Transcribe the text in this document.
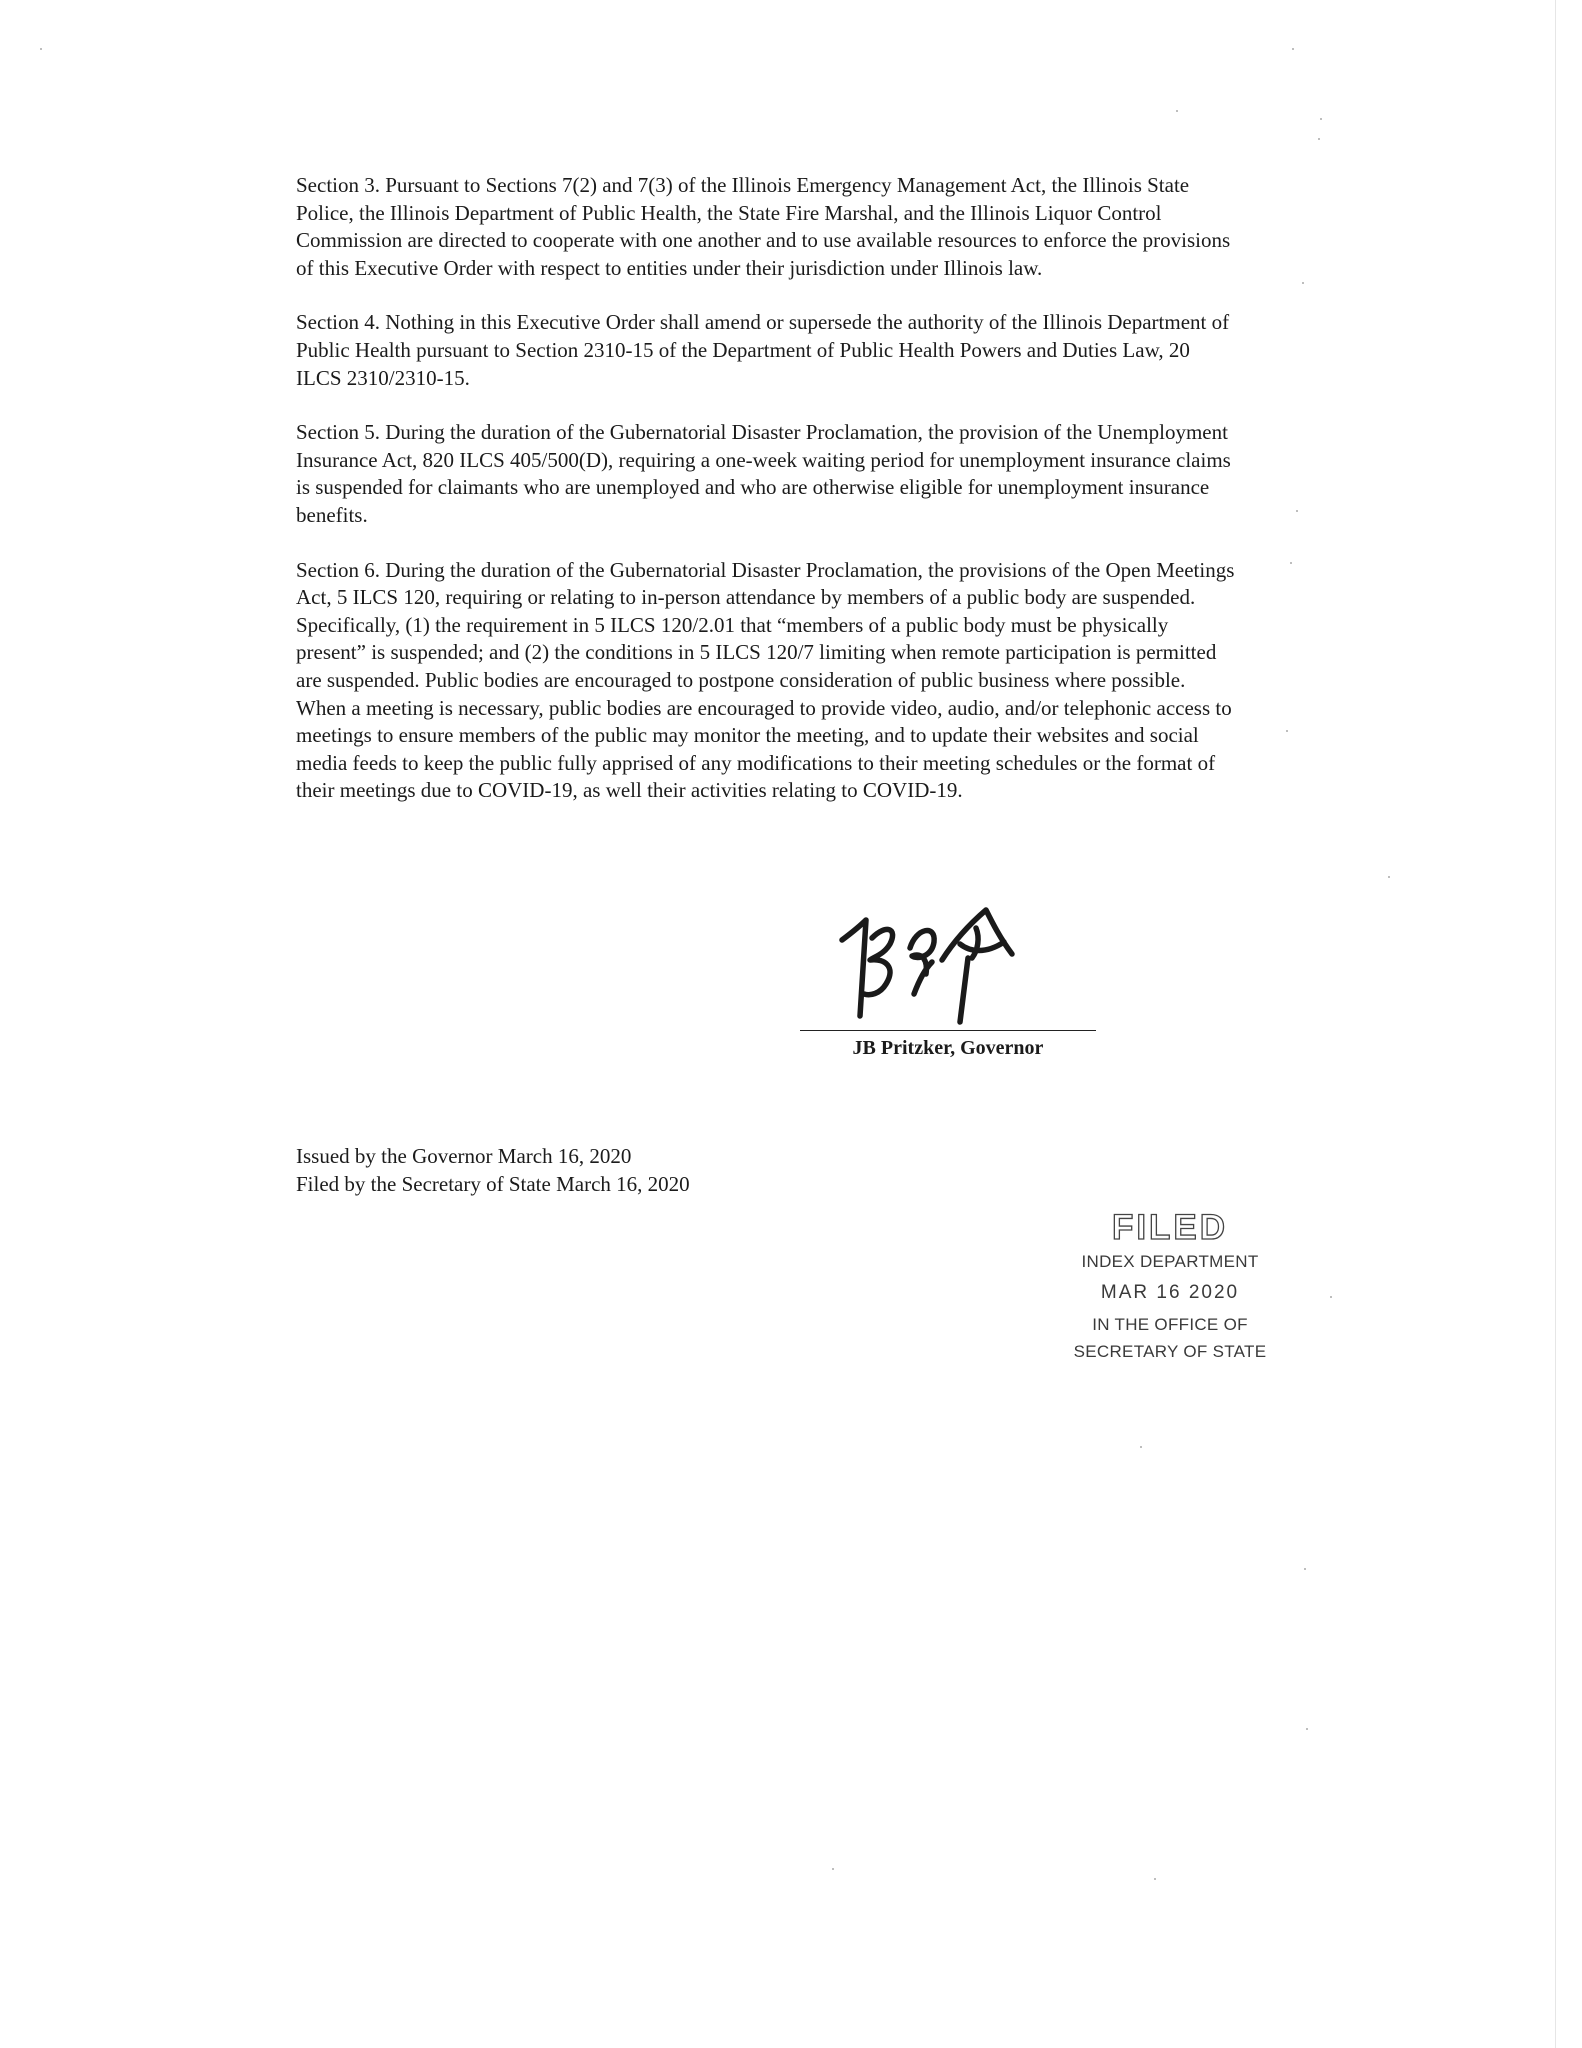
Section 3. Pursuant to Sections 7(2) and 7(3) of the Illinois Emergency Management Act, the Illinois State Police, the Illinois Department of Public Health, the State Fire Marshal, and the Illinois Liquor Control Commission are directed to cooperate with one another and to use available resources to enforce the provisions of this Executive Order with respect to entities under their jurisdiction under Illinois law.

Section 4. Nothing in this Executive Order shall amend or supersede the authority of the Illinois Department of Public Health pursuant to Section 2310-15 of the Department of Public Health Powers and Duties Law, 20 ILCS 2310/2310-15.

Section 5. During the duration of the Gubernatorial Disaster Proclamation, the provision of the Unemployment Insurance Act, 820 ILCS 405/500(D), requiring a one-week waiting period for unemployment insurance claims is suspended for claimants who are unemployed and who are otherwise eligible for unemployment insurance benefits.

Section 6. During the duration of the Gubernatorial Disaster Proclamation, the provisions of the Open Meetings Act, 5 ILCS 120, requiring or relating to in-person attendance by members of a public body are suspended. Specifically, (1) the requirement in 5 ILCS 120/2.01 that “members of a public body must be physically present” is suspended; and (2) the conditions in 5 ILCS 120/7 limiting when remote participation is permitted are suspended. Public bodies are encouraged to postpone consideration of public business where possible. When a meeting is necessary, public bodies are encouraged to provide video, audio, and/or telephonic access to meetings to ensure members of the public may monitor the meeting, and to update their websites and social media feeds to keep the public fully apprised of any modifications to their meeting schedules or the format of their meetings due to COVID-19, as well their activities relating to COVID-19.

JB Pritzker, Governor
Issued by the Governor March 16, 2020
Filed by the Secretary of State March 16, 2020
FILED
INDEX DEPARTMENT
MAR 16 2020
IN THE OFFICE OF
SECRETARY OF STATE
